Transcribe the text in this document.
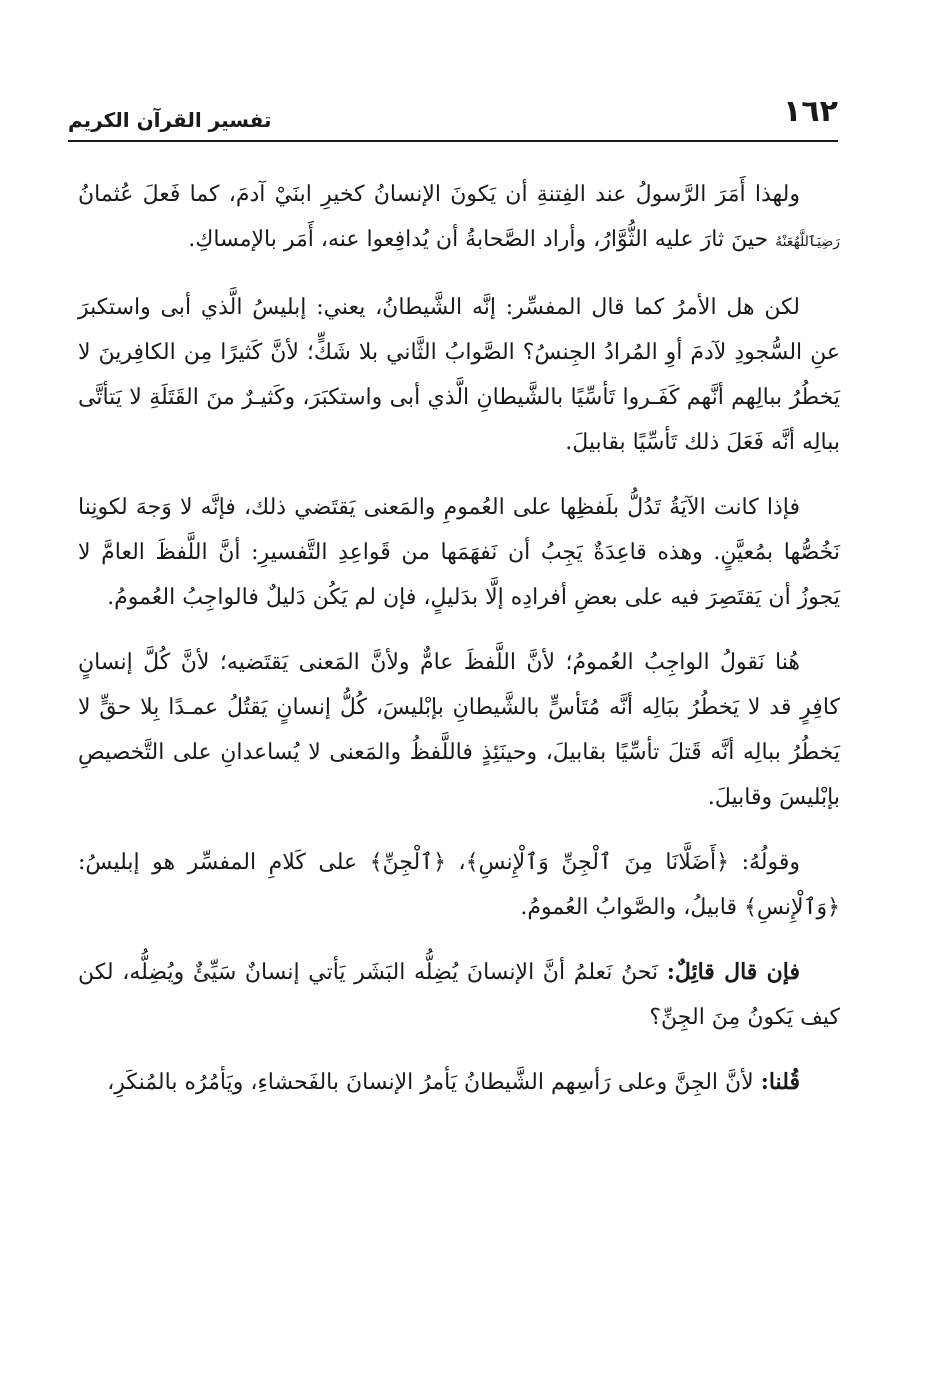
١٦٢
تفسير القرآن الكريم

ولهذا أَمَرَ الرَّسولُ عند الفِتنةِ أن يَكونَ الإنسانُ كخيرِ ابنَيْ آدمَ، كما فَعلَ عُثمانُ رَضِيَٱللَّهُعَنْهُ حينَ ثارَ عليه الثُّوَّارُ، وأراد الصَّحابةُ أن يُدافِعوا عنه، أَمَر بالإمساكِ.

لكن هل الأمرُ كما قال المفسِّر: إنَّه الشَّيطانُ، يعني: إبليسُ الَّذي أبى واستكبرَ عنِ السُّجودِ لآدمَ أوِ المُرادُ الجِنسُ؟ الصَّوابُ الثَّاني بلا شَكٍّ؛ لأنَّ كَثيرًا مِن الكافِرينَ لا يَخطُرُ ببالِهم أنَّهم كَفَـروا تَأسِّيًا بالشَّيطانِ الَّذي أبى واستكبَرَ، وكَثيـرٌ منَ القَتَلَةِ لا يَتأتَّى ببالِه أنَّه فَعَلَ ذلك تَأسِّيًا بقابيلَ.

فإذا كانت الآيَةُ تَدُلُّ بلَفظِها على العُمومِ والمَعنى يَقتَضي ذلك، فإنَّه لا وَجهَ لكونِنا نَخُصُّها بمُعيَّنٍ. وهذه قاعِدَةٌ يَجِبُ أن نَفهَمَها من قَواعِدِ التَّفسيرِ: أنَّ اللَّفظَ العامَّ لا يَجوزُ أن يَقتَصِرَ فيه على بعضِ أفرادِه إلَّا بدَليلٍ، فإن لم يَكُن دَليلٌ فالواجِبُ العُمومُ.

هُنا نَقولُ الواجِبُ العُمومُ؛ لأنَّ اللَّفظَ عامٌّ ولأنَّ المَعنى يَقتَضيه؛ لأنَّ كُلَّ إنسانٍ كافِرٍ قد لا يَخطُرُ ببَالِه أنَّه مُتَأسٍّ بالشَّيطانِ بإبْليسَ، كُلُّ إنسانٍ يَقتُلُ عمـدًا بِلا حقٍّ لا يَخطُرُ ببالِه أنَّه قَتلَ تأسِّيًا بقابيلَ، وحينَئِذٍ فاللَّفظُ والمَعنى لا يُساعدانِ على التَّخصيصِ بإبْليسَ وقابيلَ.

وقولُهُ: ﴿أَضَلَّانَا مِنَ ٱلْجِنِّ وَٱلْإِنسِ﴾، ﴿ٱلْجِنِّ﴾ على كَلامِ المفسِّر هو إبليسُ: ﴿وَٱلْإِنسِ﴾ قابيلُ، والصَّوابُ العُمومُ.

فإن قال قائِلٌ: نَحنُ نَعلمُ أنَّ الإنسانَ يُضِلُّه البَشَر يَأتي إنسانٌ سَيِّئٌ ويُضِلُّه، لكن كيف يَكونُ مِنَ الجِنِّ؟

قُلنا: لأنَّ الجِنَّ وعلى رَأسِهم الشَّيطانُ يَأمرُ الإنسانَ بالفَحشاءِ، ويَأمُرُه بالمُنكَرِ،
